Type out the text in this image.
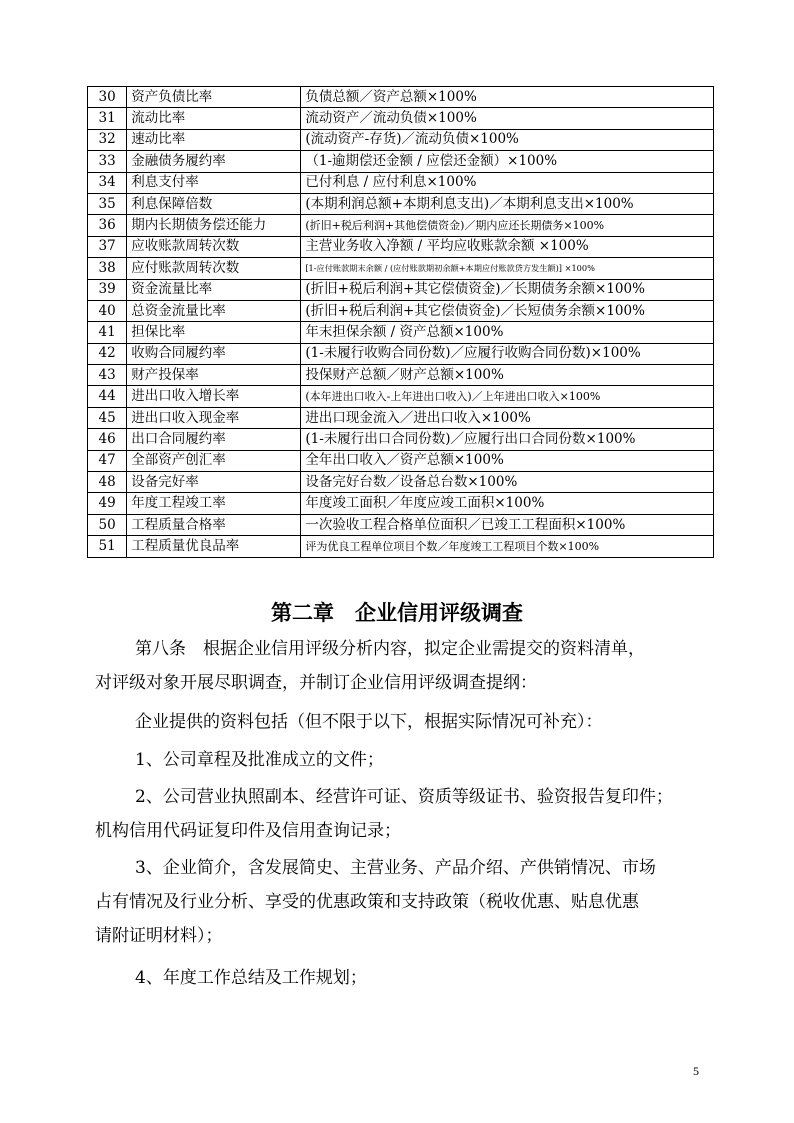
30	资产负债比率	负债总额／资产总额×100%
31	流动比率	流动资产／流动负债×100%
32	速动比率	(流动资产-存货)／流动负债×100%
33	金融债务履约率	（1-逾期偿还金额 / 应偿还金额）×100%
34	利息支付率	已付利息 / 应付利息×100%
35	利息保障倍数	(本期利润总额+本期利息支出)／本期利息支出×100%
36	期内长期债务偿还能力	(折旧+税后利润+其他偿债资金)／期内应还长期债务×100%
37	应收账款周转次数	主营业务收入净额 / 平均应收账款余额 ×100%
38	应付账款周转次数	[1-应付账款期末余额 / (应付账款期初余额+本期应付账款贷方发生额)] ×100%
39	资金流量比率	(折旧+税后利润+其它偿债资金)／长期债务余额×100%
40	总资金流量比率	(折旧+税后利润+其它偿债资金)／长短债务余额×100%
41	担保比率	年末担保余额 / 资产总额×100%
42	收购合同履约率	(1-未履行收购合同份数)／应履行收购合同份数)×100%
43	财产投保率	投保财产总额／财产总额×100%
44	进出口收入增长率	(本年进出口收入-上年进出口收入)／上年进出口收入×100%
45	进出口收入现金率	进出口现金流入／进出口收入×100%
46	出口合同履约率	(1-未履行出口合同份数)／应履行出口合同份数×100%
47	全部资产创汇率	全年出口收入／资产总额×100%
48	设备完好率	设备完好台数／设备总台数×100%
49	年度工程竣工率	年度竣工面积／年度应竣工面积×100%
50	工程质量合格率	一次验收工程合格单位面积／已竣工工程面积×100%
51	工程质量优良品率	评为优良工程单位项目个数／年度竣工工程项目个数×100%
第二章　企业信用评级调查
第八条　根据企业信用评级分析内容，拟定企业需提交的资料清单，
对评级对象开展尽职调查，并制订企业信用评级调查提纲：
企业提供的资料包括（但不限于以下，根据实际情况可补充）：
1、公司章程及批准成立的文件；
2、公司营业执照副本、经营许可证、资质等级证书、验资报告复印件；
机构信用代码证复印件及信用查询记录；
3、企业简介，含发展简史、主营业务、产品介绍、产供销情况、市场
占有情况及行业分析、享受的优惠政策和支持政策（税收优惠、贴息优惠
请附证明材料）；
4、年度工作总结及工作规划；
5
